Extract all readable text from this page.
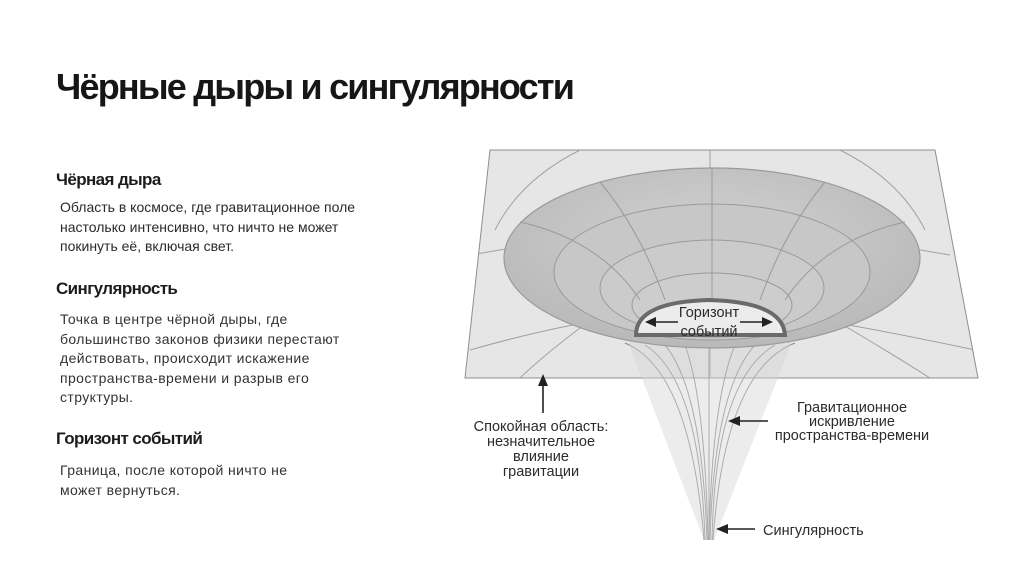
Чёрные дыры и сингулярности
Чёрная дыра

Область в космосе, где гравитационное поле настолько интенсивно, что ничто не может покинуть её, включая свет.

Сингулярность

Точка в центре чёрной дыры, где большинство законов физики перестают действовать, происходит искажение пространства-времени и разрыв его структуры.

Горизонт событий

Граница, после которой ничто не может вернуться.

Горизонт
событий
Спокойная область:
незначительное
влияние
гравитации
Гравитационное
искривление
пространства-времени
Сингулярность
